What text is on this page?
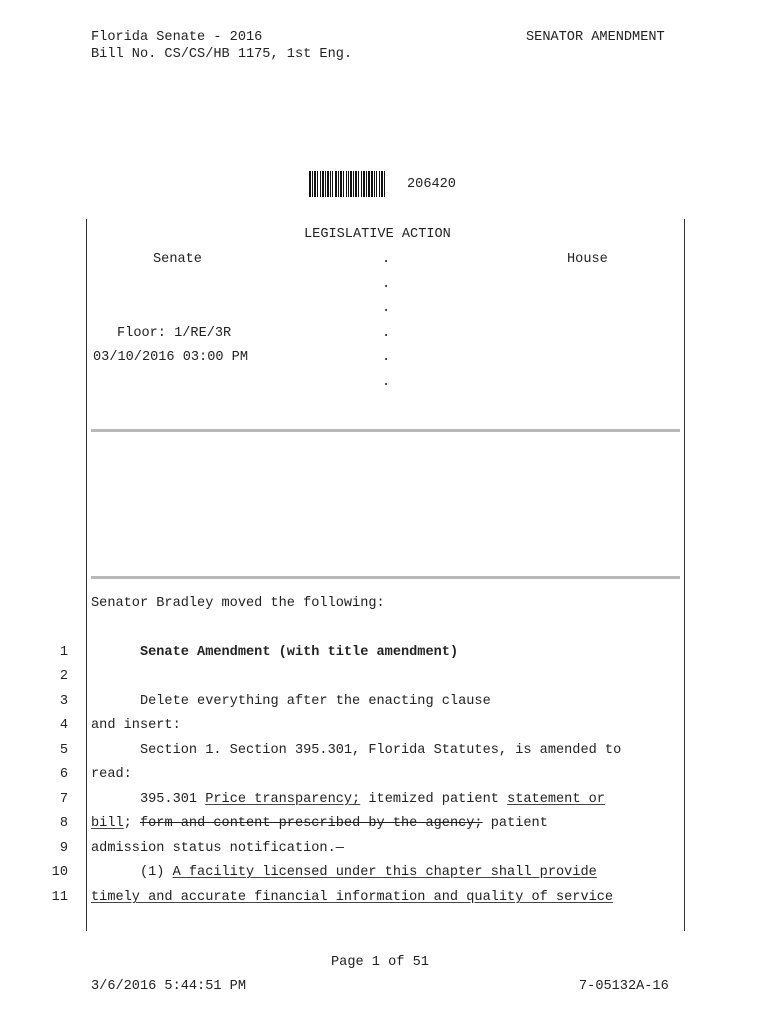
Florida Senate - 2016
Bill No. CS/CS/HB 1175, 1st Eng.
SENATOR AMENDMENT
206420
LEGISLATIVE ACTION
Senate	House
.
.
.
.
.
.
Floor: 1/RE/3R
03/10/2016 03:00 PM
Senator Bradley moved the following:
1	Senate Amendment (with title amendment)
2
3 Delete everything after the enacting clause
4 and insert:
5 Section 1. Section 395.301, Florida Statutes, is amended to
6 read:
7 395.301 Price transparency; itemized patient statement or
8 bill; form and content prescribed by the agency; patient
9 admission status notification.—
10 (1) A facility licensed under this chapter shall provide
11 timely and accurate financial information and quality of service
Page 1 of 51
3/6/2016 5:44:51 PM	7-05132A-16
